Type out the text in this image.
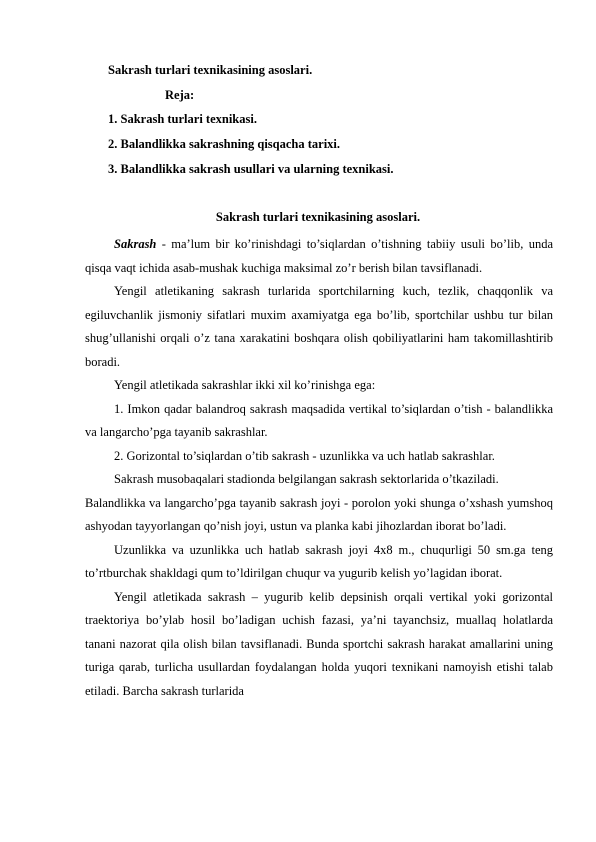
Sakrash turlari texnikasining asoslari.
Reja:
1. Sakrash turlari texnikasi.
2. Balandlikka sakrashning qisqacha tarixi.
3. Balandlikka sakrash usullari va ularning texnikasi.
Sakrash turlari texnikasining asoslari.

Sakrash - ma’lum bir ko’rinishdagi to’siqlardan o’tishning tabiiy usuli bo’lib, unda qisqa vaqt ichida asab-mushak kuchiga maksimal zo’r berish bilan tavsiflanadi.

Yengil atletikaning sakrash turlarida sportchilarning kuch, tezlik, chaqqonlik va egiluvchanlik jismoniy sifatlari muxim axamiyatga ega bo’lib, sportchilar ushbu tur bilan shug’ullanishi orqali o’z tana xarakatini boshqara olish qobiliyatlarini ham takomillashtirib boradi.

Yengil atletikada sakrashlar ikki xil ko’rinishga ega:

1. Imkon qadar balandroq sakrash maqsadida vertikal to’siqlardan o’tish - balandlikka va langarcho’pga tayanib sakrashlar.

2. Gorizontal to’siqlardan o’tib sakrash - uzunlikka va uch hatlab sakrashlar.

Sakrash musobaqalari stadionda belgilangan sakrash sektorlarida o’tkaziladi.

Balandlikka va langarcho’pga tayanib sakrash joyi - porolon yoki shunga o’xshash yumshoq ashyodan tayyorlangan qo’nish joyi, ustun va planka kabi jihozlardan iborat bo’ladi.

Uzunlikka va uzunlikka uch hatlab sakrash joyi 4x8 m., chuqurligi 50 sm.ga teng to’rtburchak shakldagi qum to’ldirilgan chuqur va yugurib kelish yo’lagidan iborat.

Yengil atletikada sakrash – yugurib kelib depsinish orqali vertikal yoki gorizontal traektoriya bo’ylab hosil bo’ladigan uchish fazasi, ya’ni tayanchsiz, muallaq holatlarda tanani nazorat qila olish bilan tavsiflanadi. Bunda sportchi sakrash harakat amallarini uning turiga qarab, turlicha usullardan foydalangan holda yuqori texnikani namoyish etishi talab etiladi. Barcha sakrash turlarida
